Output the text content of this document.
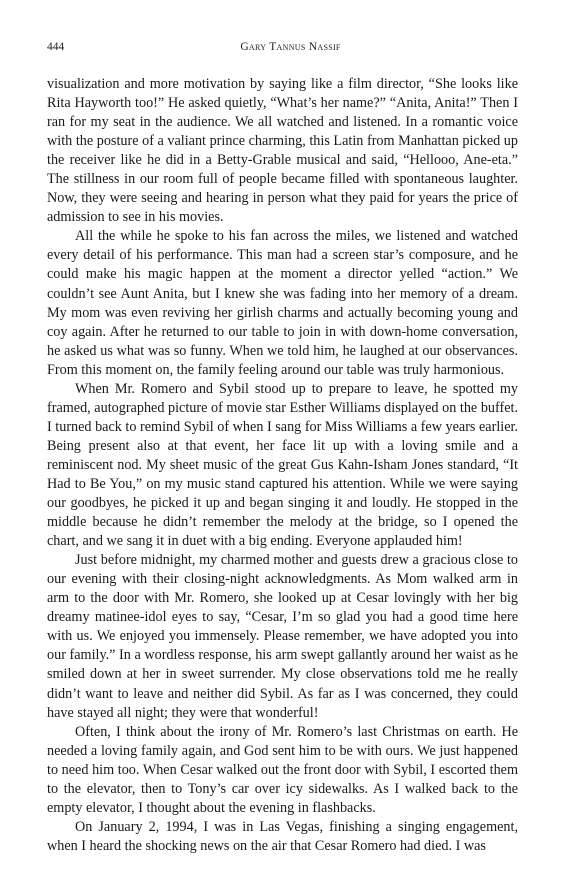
444	Gary Tannus Nassif

visualization and more motivation by saying like a film director, “She looks like Rita Hayworth too!” He asked quietly, “What’s her name?” “Anita, Anita!” Then I ran for my seat in the audience. We all watched and listened. In a romantic voice with the posture of a valiant prince charming, this Latin from Manhattan picked up the receiver like he did in a Betty-Grable musical and said, “Hellooo, Ane-eta.” The stillness in our room full of people became filled with spontaneous laughter. Now, they were seeing and hearing in person what they paid for years the price of admission to see in his movies.

All the while he spoke to his fan across the miles, we listened and watched every detail of his performance. This man had a screen star’s composure, and he could make his magic happen at the moment a director yelled “action.” We couldn’t see Aunt Anita, but I knew she was fading into her memory of a dream. My mom was even reviving her girlish charms and actually becoming young and coy again. After he returned to our table to join in with down-home conversation, he asked us what was so funny. When we told him, he laughed at our observances. From this moment on, the family feeling around our table was truly harmonious.

When Mr. Romero and Sybil stood up to prepare to leave, he spotted my framed, autographed picture of movie star Esther Williams displayed on the buffet. I turned back to remind Sybil of when I sang for Miss Williams a few years earlier. Being present also at that event, her face lit up with a loving smile and a reminiscent nod. My sheet music of the great Gus Kahn-Isham Jones standard, “It Had to Be You,” on my music stand captured his attention. While we were saying our goodbyes, he picked it up and began singing it and loudly. He stopped in the middle because he didn’t remember the melody at the bridge, so I opened the chart, and we sang it in duet with a big ending. Everyone applauded him!

Just before midnight, my charmed mother and guests drew a gracious close to our evening with their closing-night acknowledgments. As Mom walked arm in arm to the door with Mr. Romero, she looked up at Cesar lovingly with her big dreamy matinee-idol eyes to say, “Cesar, I’m so glad you had a good time here with us. We enjoyed you immensely. Please remember, we have adopted you into our family.” In a wordless response, his arm swept gallantly around her waist as he smiled down at her in sweet surrender. My close observations told me he really didn’t want to leave and neither did Sybil. As far as I was concerned, they could have stayed all night; they were that wonderful!

Often, I think about the irony of Mr. Romero’s last Christmas on earth. He needed a loving family again, and God sent him to be with ours. We just happened to need him too. When Cesar walked out the front door with Sybil, I escorted them to the elevator, then to Tony’s car over icy sidewalks. As I walked back to the empty elevator, I thought about the evening in flashbacks.

On January 2, 1994, I was in Las Vegas, finishing a singing engagement, when I heard the shocking news on the air that Cesar Romero had died. I was
